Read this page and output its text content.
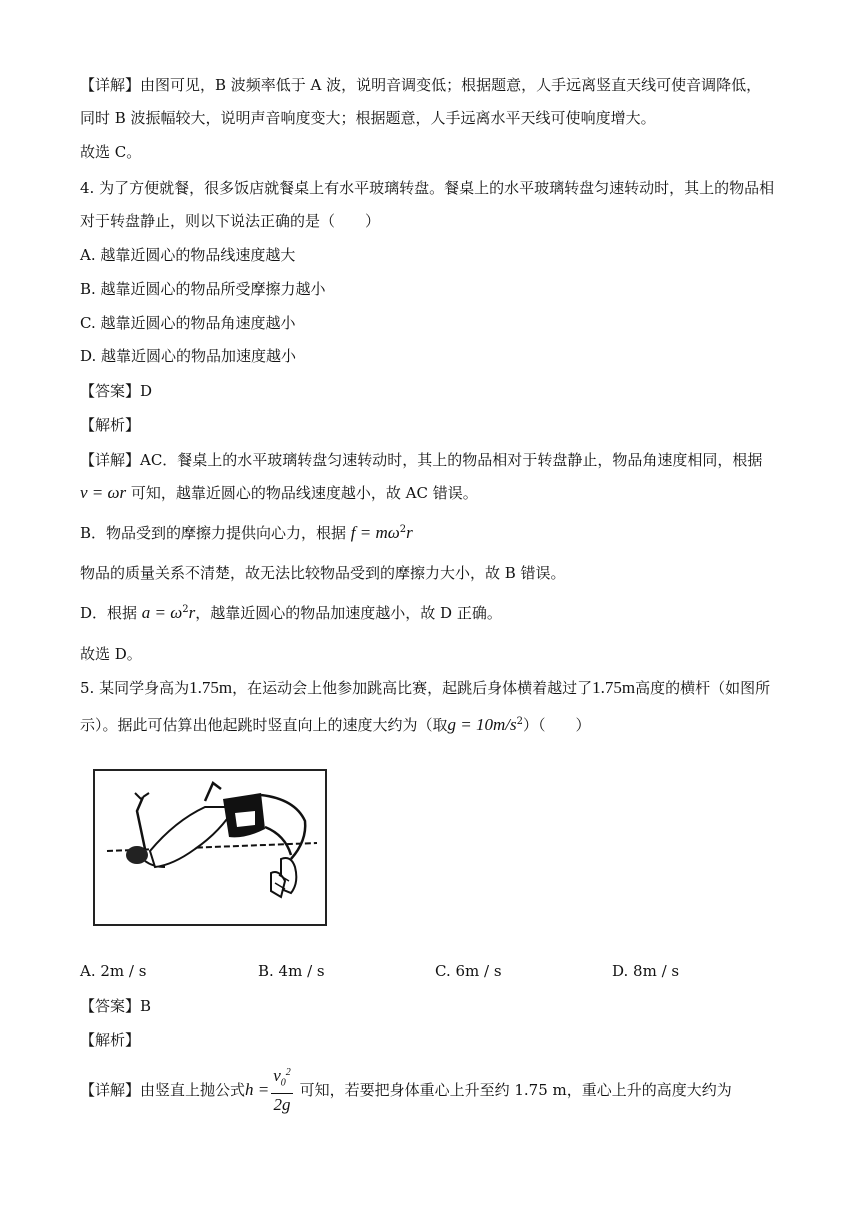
【详解】由图可见，B 波频率低于 A 波，说明音调变低；根据题意，人手远离竖直天线可使音调降低，
同时 B 波振幅较大，说明声音响度变大；根据题意，人手远离水平天线可使响度增大。
故选 C。
4. 为了方便就餐，很多饭店就餐桌上有水平玻璃转盘。餐桌上的水平玻璃转盘匀速转动时，其上的物品相
对于转盘静止，则以下说法正确的是（　　）
A. 越靠近圆心的物品线速度越大
B. 越靠近圆心的物品所受摩擦力越小
C. 越靠近圆心的物品角速度越小
D. 越靠近圆心的物品加速度越小
【答案】D
【解析】
【详解】AC．餐桌上的水平玻璃转盘匀速转动时，其上的物品相对于转盘静止，物品角速度相同，根据
v = ωr 可知，越靠近圆心的物品线速度越小，故 AC 错误。
B．物品受到的摩擦力提供向心力，根据 $f = m\omega^2r$
物品的质量关系不清楚，故无法比较物品受到的摩擦力大小，故 B 错误。
D．根据 $a = \omega^2r$，越靠近圆心的物品加速度越小，故 D 正确。
故选 D。
5. 某同学身高为1.75m，在运动会上他参加跳高比赛，起跳后身体横着越过了1.75m高度的横杆（如图所
示）。据此可估算出他起跳时竖直向上的速度大约为（取$g = 10m/s^2$）（　　）
A. 2m / s	B. 4m / s	C. 6m / s	D. 8m / s
【答案】B
【解析】
【详解】由竖直上抛公式$h = \frac{v_0^2}{2g}$ 可知，若要把身体重心上升至约 1.75 m，重心上升的高度大约为
